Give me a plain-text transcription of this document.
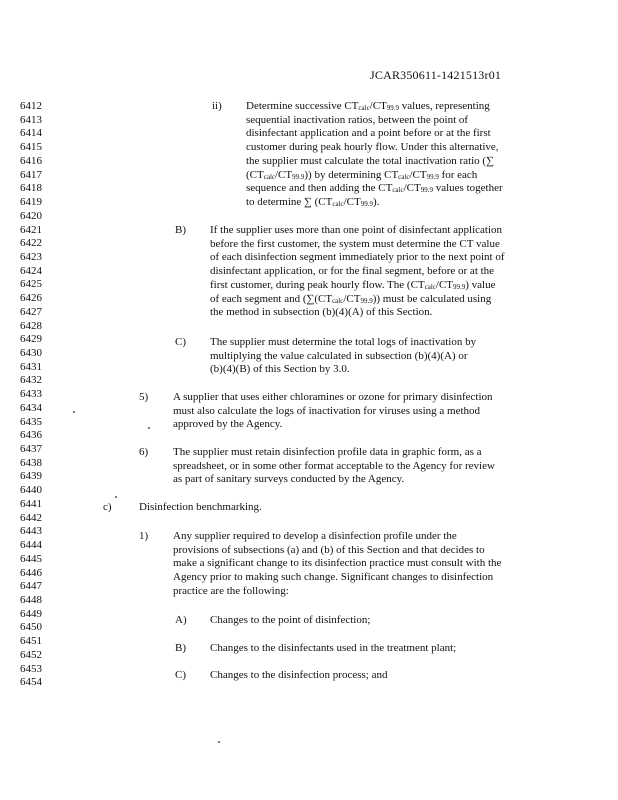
JCAR350611-1421513r01
6412
6413
6414
6415
6416
6417
6418
6419
6420
6421
6422
6423
6424
6425
6426
6427
6428
6429
6430
6431
6432
6433
6434
6435
6436
6437
6438
6439
6440
6441
6442
6443
6444
6445
6446
6447
6448
6449
6450
6451
6452
6453
6454
ii) Determine successive $CT_{calc}/CT_{99.9}$ values, representing
sequential inactivation ratios, between the point of
disinfectant application and a point before or at the first
customer during peak hourly flow. Under this alternative,
the supplier must calculate the total inactivation ratio (∑
$(CT_{calc}/CT_{99.9})$) by determining $CT_{calc}/CT_{99.9}$ for each
sequence and then adding the $CT_{calc}/CT_{99.9}$ values together
to determine ∑ $(CT_{calc}/CT_{99.9})$.
B) If the supplier uses more than one point of disinfectant application
before the first customer, the system must determine the CT value
of each disinfection segment immediately prior to the next point of
disinfectant application, or for the final segment, before or at the
first customer, during peak hourly flow. The $(CT_{calc}/CT_{99.9})$ value
of each segment and $(\sum(CT_{calc}/CT_{99.9}))$ must be calculated using
the method in subsection (b)(4)(A) of this Section.
C) The supplier must determine the total logs of inactivation by
multiplying the value calculated in subsection (b)(4)(A) or
(b)(4)(B) of this Section by 3.0.
5) A supplier that uses either chloramines or ozone for primary disinfection
must also calculate the logs of inactivation for viruses using a method
approved by the Agency.
6) The supplier must retain disinfection profile data in graphic form, as a
spreadsheet, or in some other format acceptable to the Agency for review
as part of sanitary surveys conducted by the Agency.
c) Disinfection benchmarking.
1) Any supplier required to develop a disinfection profile under the
provisions of subsections (a) and (b) of this Section and that decides to
make a significant change to its disinfection practice must consult with the
Agency prior to making such change. Significant changes to disinfection
practice are the following:
A) Changes to the point of disinfection;
B) Changes to the disinfectants used in the treatment plant;
C) Changes to the disinfection process; and
